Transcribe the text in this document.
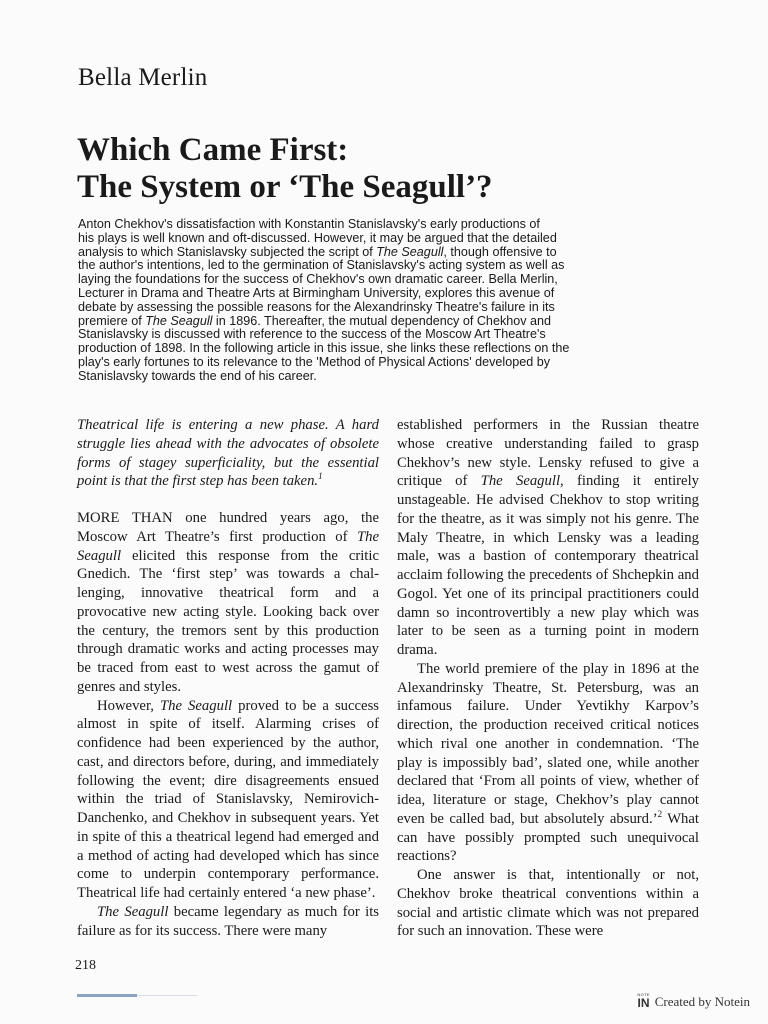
Bella Merlin
Which Came First:
The System or ‘The Seagull’?
Anton Chekhov's dissatisfaction with Konstantin Stanislavsky's early productions of
his plays is well known and oft-discussed. However, it may be argued that the detailed
analysis to which Stanislavsky subjected the script of The Seagull, though offensive to
the author's intentions, led to the germination of Stanislavsky's acting system as well as
laying the foundations for the success of Chekhov's own dramatic career. Bella Merlin,
Lecturer in Drama and Theatre Arts at Birmingham University, explores this avenue of
debate by assessing the possible reasons for the Alexandrinsky Theatre's failure in its
premiere of The Seagull in 1896. Thereafter, the mutual dependency of Chekhov and
Stanislavsky is discussed with reference to the success of the Moscow Art Theatre's
production of 1898. In the following article in this issue, she links these reflections on the
play's early fortunes to its relevance to the 'Method of Physical Actions' developed by
Stanislavsky towards the end of his career.

Theatrical life is entering a new phase. A hard struggle lies ahead with the advocates of obsolete forms of stagey superficiality, but the essential point is that the first step has been taken.$^1$

MORE THAN one hundred years ago, the Moscow Art Theatre’s first production of The Seagull elicited this response from the critic Gnedich. The ‘first step’ was towards a challenging, innovative theatrical form and a provocative new acting style. Looking back over the century, the tremors sent by this production through dramatic works and acting processes may be traced from east to west across the gamut of genres and styles.

However, The Seagull proved to be a success almost in spite of itself. Alarming crises of confidence had been experienced by the author, cast, and directors before, during, and immediately following the event; dire disagreements ensued within the triad of Stanislavsky, Nemirovich-Danchenko, and Chekhov in subsequent years. Yet in spite of this a theatrical legend had emerged and a method of acting had developed which has since come to underpin contemporary performance. Theatrical life had certainly entered ‘a new phase’.

The Seagull became legendary as much for its failure as for its success. There were many

established performers in the Russian theatre whose creative understanding failed to grasp Chekhov’s new style. Lensky refused to give a critique of The Seagull, finding it entirely unstageable. He advised Chekhov to stop writing for the theatre, as it was simply not his genre. The Maly Theatre, in which Lensky was a leading male, was a bastion of contemporary theatrical acclaim following the precedents of Shchepkin and Gogol. Yet one of its principal practitioners could damn so incontrovertibly a new play which was later to be seen as a turning point in modern drama.

The world premiere of the play in 1896 at the Alexandrinsky Theatre, St. Petersburg, was an infamous failure. Under Yevtikhy Karpov’s direction, the production received critical notices which rival one another in condemnation. ‘The play is impossibly bad’, slated one, while another declared that ‘From all points of view, whether of idea, literature or stage, Chekhov’s play cannot even be called bad, but absolutely absurd.’$^2$ What can have possibly prompted such unequivocal reactions?

One answer is that, intentionally or not, Chekhov broke theatrical conventions within a social and artistic climate which was not prepared for such an innovation. These were

218
NOTE
IN Created by Notein
